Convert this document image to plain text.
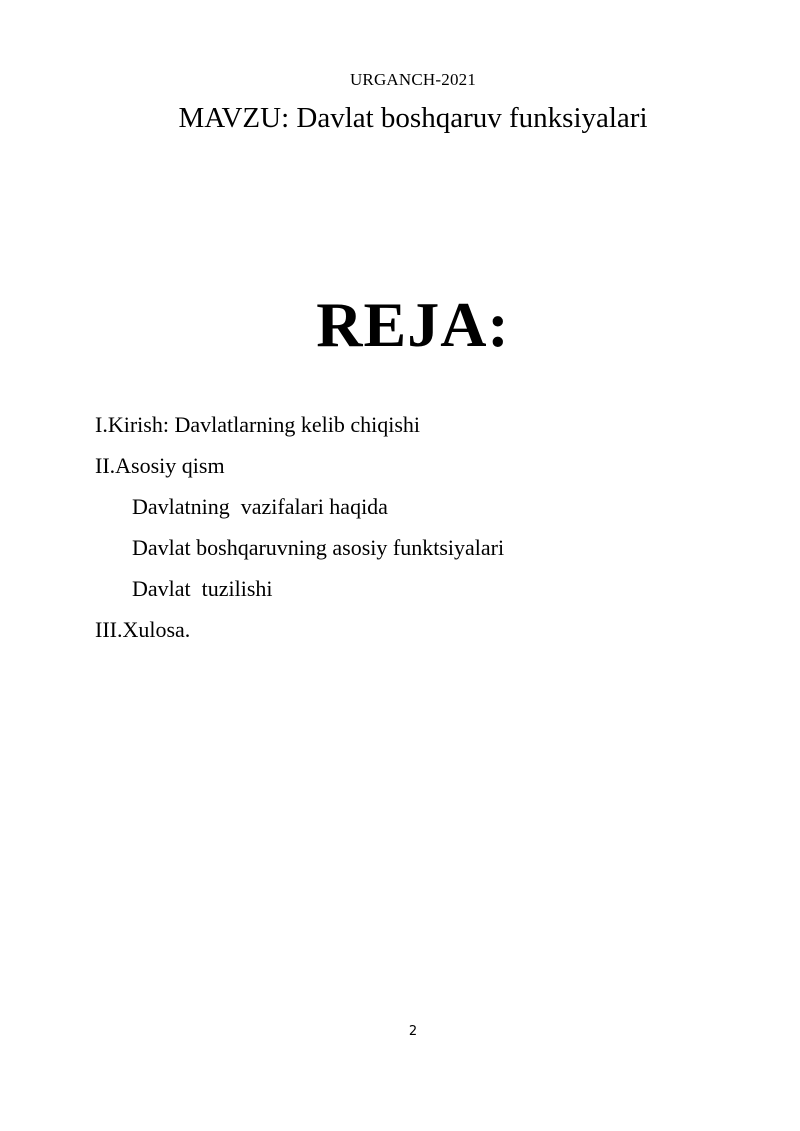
URGANCH-2021
MAVZU: Davlat boshqaruv funksiyalari
REJA:
I.Kirish: Davlatlarning kelib chiqishi
II.Asosiy qism
Davlatning  vazifalari haqida
Davlat boshqaruvning asosiy funktsiyalari
Davlat  tuzilishi
III.Xulosa.
2
